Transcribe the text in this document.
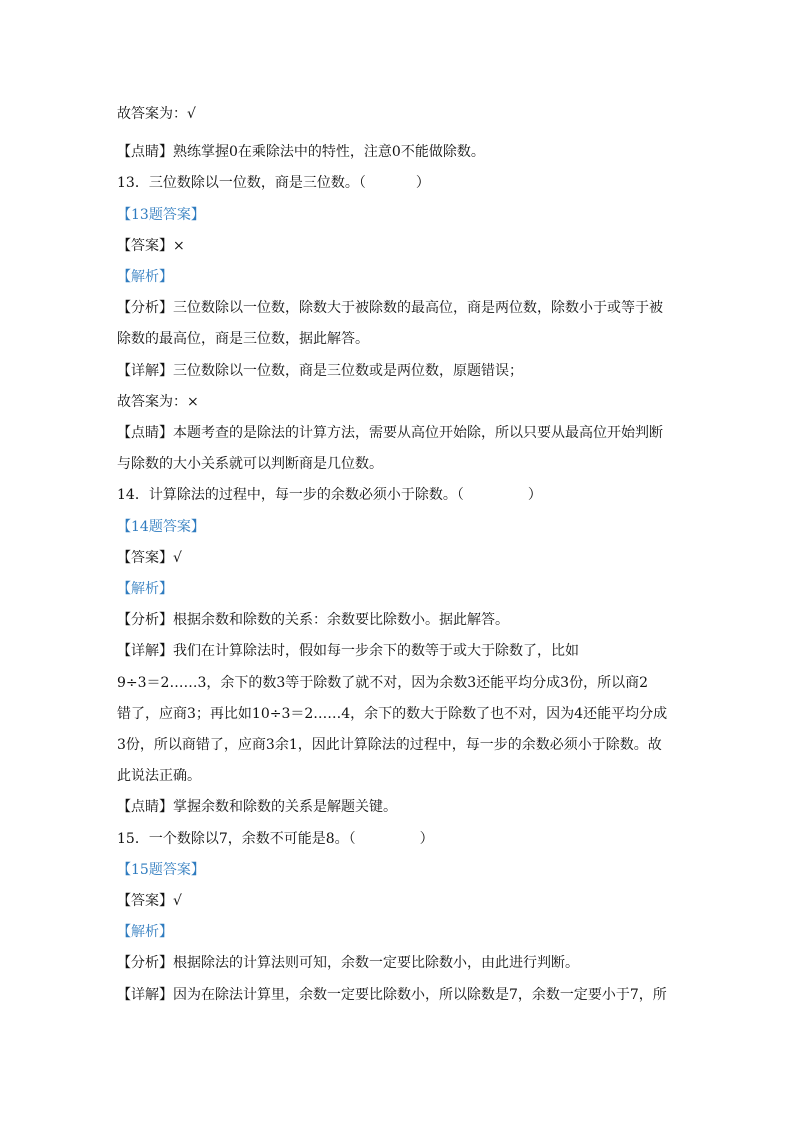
故答案为：√
【点睛】熟练掌握0在乘除法中的特性，注意0不能做除数。
13．三位数除以一位数，商是三位数。（	）
【13题答案】
【答案】×
【解析】
【分析】三位数除以一位数，除数大于被除数的最高位，商是两位数，除数小于或等于被
除数的最高位，商是三位数，据此解答。
【详解】三位数除以一位数，商是三位数或是两位数，原题错误；
故答案为：×
【点睛】本题考查的是除法的计算方法，需要从高位开始除，所以只要从最高位开始判断
与除数的大小关系就可以判断商是几位数。
14．计算除法的过程中，每一步的余数必须小于除数。（	）
【14题答案】
【答案】√
【解析】
【分析】根据余数和除数的关系：余数要比除数小。据此解答。
【详解】我们在计算除法时，假如每一步余下的数等于或大于除数了，比如
9÷3＝2……3，余下的数3等于除数了就不对，因为余数3还能平均分成3份，所以商2
错了，应商3；再比如10÷3＝2……4，余下的数大于除数了也不对，因为4还能平均分成
3份，所以商错了，应商3余1，因此计算除法的过程中，每一步的余数必须小于除数。故
此说法正确。
【点睛】掌握余数和除数的关系是解题关键。
15．一个数除以7，余数不可能是8。（	）
【15题答案】
【答案】√
【解析】
【分析】根据除法的计算法则可知，余数一定要比除数小，由此进行判断。
【详解】因为在除法计算里，余数一定要比除数小，所以除数是7，余数一定要小于7，所
